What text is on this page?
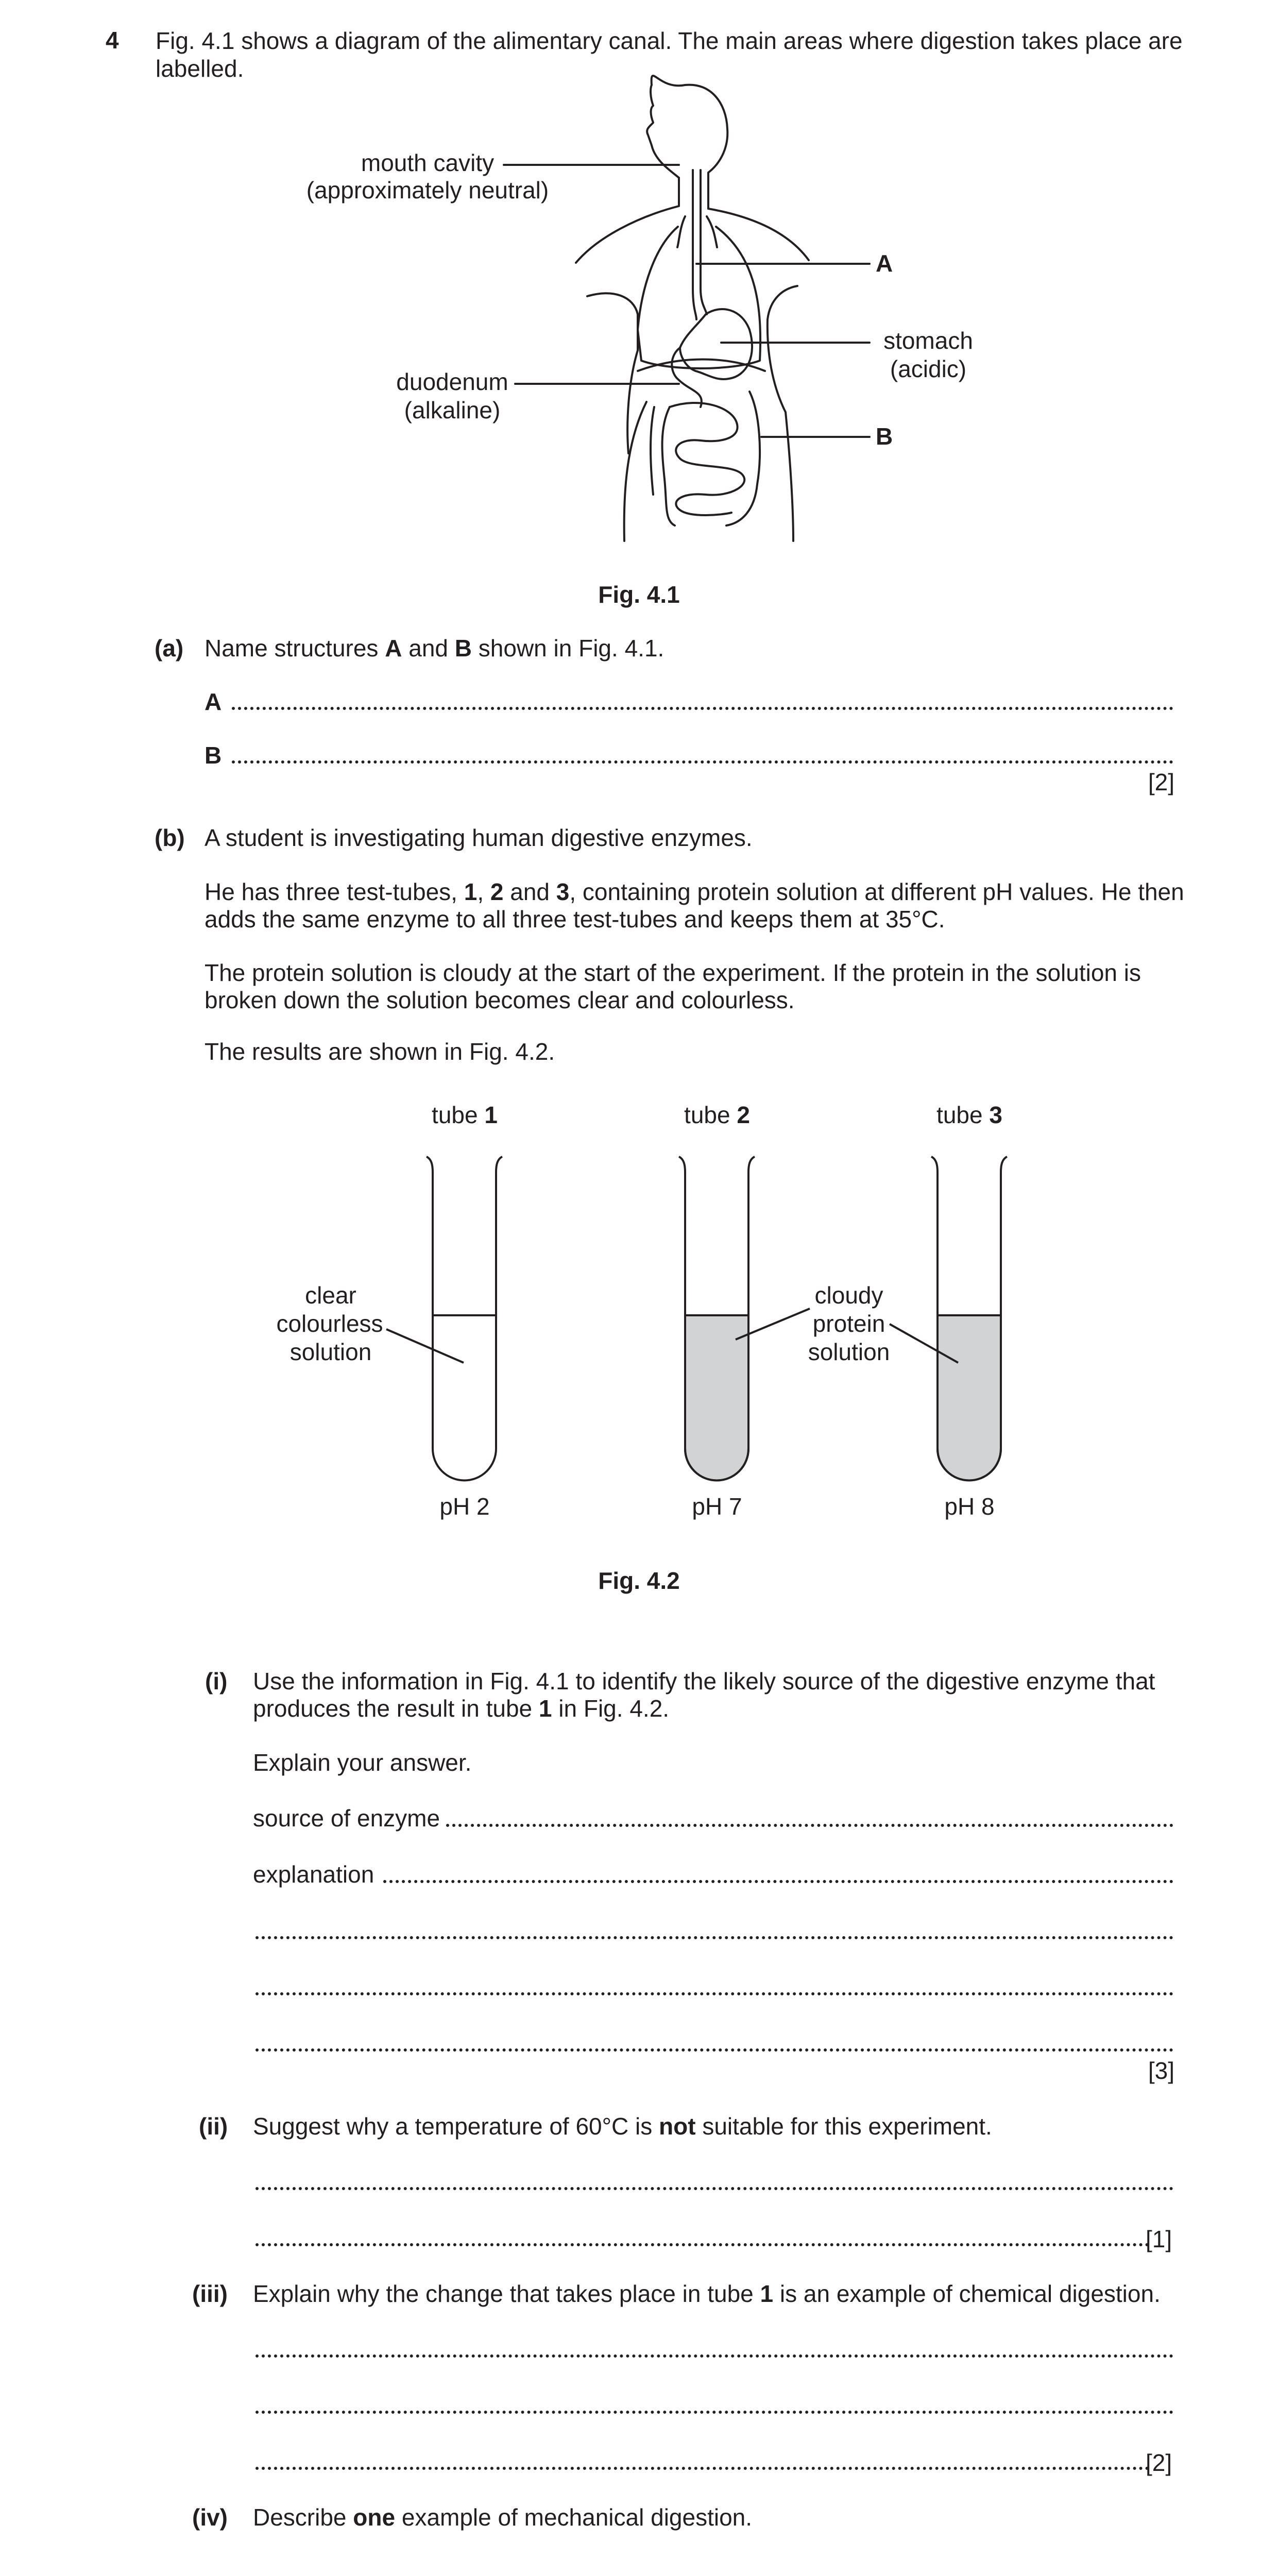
4 Fig. 4.1 shows a diagram of the alimentary canal. The main areas where digestion takes place are labelled.
mouth cavity
(approximately neutral)
A
stomach
(acidic)
duodenum
(alkaline)
B
Fig. 4.1
(a) Name structures A and B shown in Fig. 4.1.
A
B
[2]
(b) A student is investigating human digestive enzymes.
He has three test-tubes, 1, 2 and 3, containing protein solution at different pH values. He then
adds the same enzyme to all three test-tubes and keeps them at 35°C.
The protein solution is cloudy at the start of the experiment. If the protein in the solution is broken down the solution becomes clear and colourless.
The results are shown in Fig. 4.2.
tube 1	tube 2	tube 3
clear
colourless
solution
cloudy
protein
solution
pH 2	pH 7	pH 8
Fig. 4.2
(i) Use the information in Fig. 4.1 to identify the likely source of the digestive enzyme that produces the result in tube 1 in Fig. 4.2.
Explain your answer.
source of enzyme
explanation
[3]
(ii) Suggest why a temperature of 60°C is not suitable for this experiment.
[1]
(iii) Explain why the change that takes place in tube 1 is an example of chemical digestion.
[2]
(iv) Describe one example of mechanical digestion.
